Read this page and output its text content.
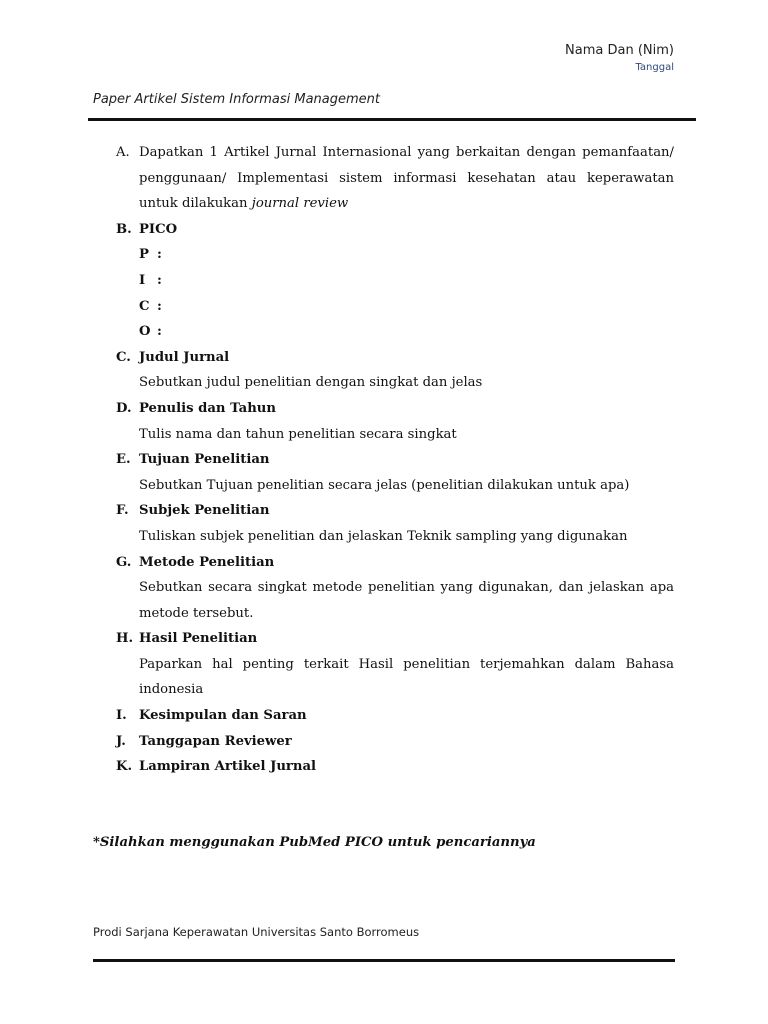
Nama Dan (Nim)
Tanggal
Paper Artikel Sistem Informasi Management
A. Dapatkan 1 Artikel Jurnal Internasional yang berkaitan dengan pemanfaatan/ penggunaan/ Implementasi sistem informasi kesehatan atau keperawatan untuk dilakukan journal review
B. PICO
P :
I :
C :
O :
C. Judul Jurnal
Sebutkan judul penelitian dengan singkat dan jelas
D. Penulis dan Tahun
Tulis nama dan tahun penelitian secara singkat
E. Tujuan Penelitian
Sebutkan Tujuan penelitian secara jelas (penelitian dilakukan untuk apa)
F. Subjek Penelitian
Tuliskan subjek penelitian dan jelaskan Teknik sampling yang digunakan
G. Metode Penelitian
Sebutkan secara singkat metode penelitian yang digunakan, dan jelaskan apa metode tersebut.
H. Hasil Penelitian
Paparkan hal penting terkait Hasil penelitian terjemahkan dalam Bahasa indonesia
I. Kesimpulan dan Saran
J. Tanggapan Reviewer
K. Lampiran Artikel Jurnal
*Silahkan menggunakan PubMed PICO untuk pencariannya
Prodi Sarjana Keperawatan Universitas Santo Borromeus
